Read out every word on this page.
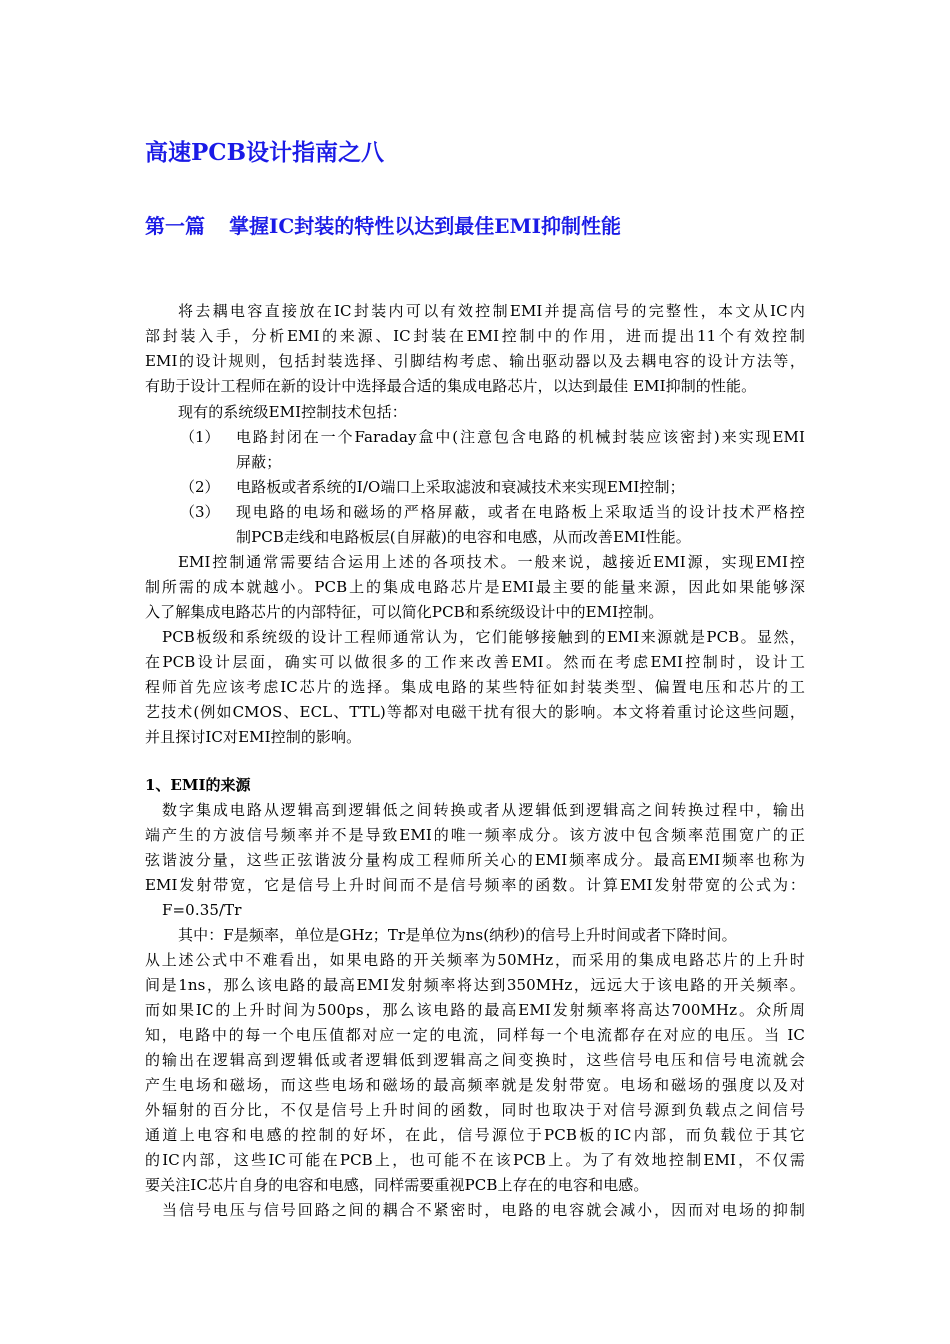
高速PCB设计指南之八
第一篇 掌握IC封装的特性以达到最佳EMI抑制性能
将去耦电容直接放在IC封装内可以有效控制EMI并提高信号的完整性，本文从IC内
部封装入手，分析EMI的来源、IC封装在EMI控制中的作用，进而提出11个有效控制
EMI的设计规则，包括封装选择、引脚结构考虑、输出驱动器以及去耦电容的设计方法等，
有助于设计工程师在新的设计中选择最合适的集成电路芯片，以达到最佳 EMI抑制的性能。
现有的系统级EMI控制技术包括：
（1）	电路封闭在一个Faraday盒中(注意包含电路的机械封装应该密封)来实现EMI
屏蔽；
（2）	电路板或者系统的I/O端口上采取滤波和衰减技术来实现EMI控制；
（3）	现电路的电场和磁场的严格屏蔽，或者在电路板上采取适当的设计技术严格控
制PCB走线和电路板层(自屏蔽)的电容和电感，从而改善EMI性能。
EMI控制通常需要结合运用上述的各项技术。一般来说，越接近EMI源，实现EMI控
制所需的成本就越小。PCB上的集成电路芯片是EMI最主要的能量来源，因此如果能够深
入了解集成电路芯片的内部特征，可以简化PCB和系统级设计中的EMI控制。
PCB板级和系统级的设计工程师通常认为，它们能够接触到的EMI来源就是PCB。显然，
在PCB设计层面，确实可以做很多的工作来改善EMI。然而在考虑EMI控制时，设计工
程师首先应该考虑IC芯片的选择。集成电路的某些特征如封装类型、偏置电压和芯片的工
艺技术(例如CMOS、ECL、TTL)等都对电磁干扰有很大的影响。本文将着重讨论这些问题，
并且探讨IC对EMI控制的影响。
1、EMI的来源
数字集成电路从逻辑高到逻辑低之间转换或者从逻辑低到逻辑高之间转换过程中，输出
端产生的方波信号频率并不是导致EMI的唯一频率成分。该方波中包含频率范围宽广的正
弦谐波分量，这些正弦谐波分量构成工程师所关心的EMI频率成分。最高EMI频率也称为
EMI发射带宽，它是信号上升时间而不是信号频率的函数。计算EMI发射带宽的公式为：
F=0.35/Tr
其中：F是频率，单位是GHz；Tr是单位为ns(纳秒)的信号上升时间或者下降时间。
从上述公式中不难看出，如果电路的开关频率为50MHz，而采用的集成电路芯片的上升时
间是1ns，那么该电路的最高EMI发射频率将达到350MHz，远远大于该电路的开关频率。
而如果IC的上升时间为500ps，那么该电路的最高EMI发射频率将高达700MHz。众所周
知，电路中的每一个电压值都对应一定的电流，同样每一个电流都存在对应的电压。当 IC
的输出在逻辑高到逻辑低或者逻辑低到逻辑高之间变换时，这些信号电压和信号电流就会
产生电场和磁场，而这些电场和磁场的最高频率就是发射带宽。电场和磁场的强度以及对
外辐射的百分比，不仅是信号上升时间的函数，同时也取决于对信号源到负载点之间信号
通道上电容和电感的控制的好坏，在此，信号源位于PCB板的IC内部，而负载位于其它
的IC内部，这些IC可能在PCB上，也可能不在该PCB上。为了有效地控制EMI，不仅需
要关注IC芯片自身的电容和电感，同样需要重视PCB上存在的电容和电感。
当信号电压与信号回路之间的耦合不紧密时，电路的电容就会减小，因而对电场的抑制
